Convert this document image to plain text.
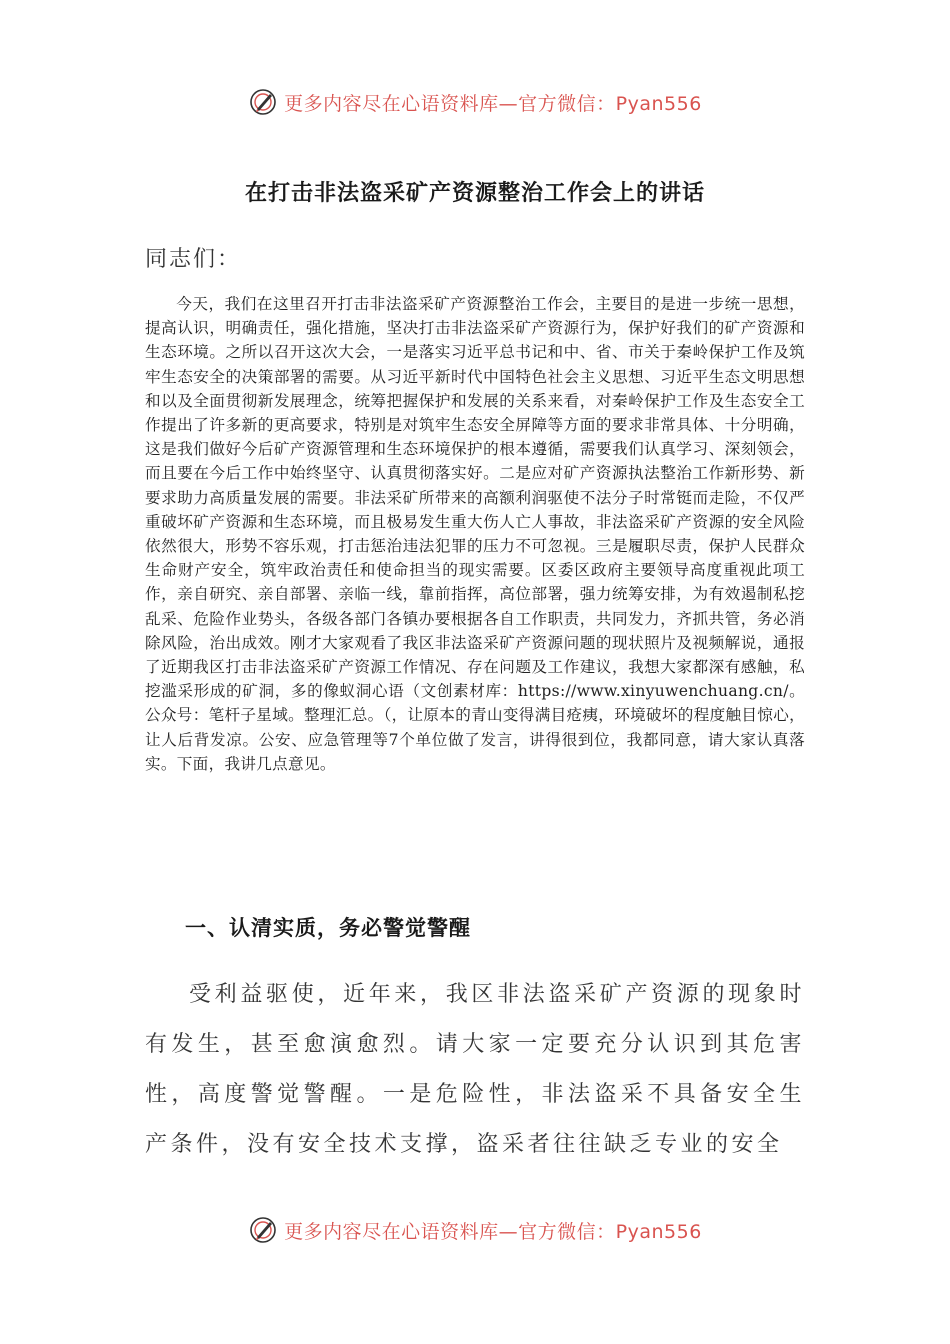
更多内容尽在心语资料库—官方微信：Pyan556
在打击非法盗采矿产资源整治工作会上的讲话
同志们：
今天，我们在这里召开打击非法盗采矿产资源整治工作会，主要目的是进一步统一思想，提高认识，明确责任，强化措施，坚决打击非法盗采矿产资源行为，保护好我们的矿产资源和生态环境。之所以召开这次大会，一是落实习近平总书记和中、省、市关于秦岭保护工作及筑牢生态安全的决策部署的需要。从习近平新时代中国特色社会主义思想、习近平生态文明思想和以及全面贯彻新发展理念，统筹把握保护和发展的关系来看，对秦岭保护工作及生态安全工作提出了许多新的更高要求，特别是对筑牢生态安全屏障等方面的要求非常具体、十分明确，这是我们做好今后矿产资源管理和生态环境保护的根本遵循，需要我们认真学习、深刻领会，而且要在今后工作中始终坚守、认真贯彻落实好。二是应对矿产资源执法整治工作新形势、新要求助力高质量发展的需要。非法采矿所带来的高额利润驱使不法分子时常铤而走险，不仅严重破坏矿产资源和生态环境，而且极易发生重大伤人亡人事故，非法盗采矿产资源的安全风险依然很大，形势不容乐观，打击惩治违法犯罪的压力不可忽视。三是履职尽责，保护人民群众生命财产安全，筑牢政治责任和使命担当的现实需要。区委区政府主要领导高度重视此项工作，亲自研究、亲自部署、亲临一线，靠前指挥，高位部署，强力统筹安排，为有效遏制私挖乱采、危险作业势头，各级各部门各镇办要根据各自工作职责，共同发力，齐抓共管，务必消除风险，治出成效。刚才大家观看了我区非法盗采矿产资源问题的现状照片及视频解说，通报了近期我区打击非法盗采矿产资源工作情况、存在问题及工作建议，我想大家都深有感触，私挖滥采形成的矿洞，多的像蚁洞心语（文创素材库：https://www.xinyuwenchuang.cn/。公众号：笔杆子星域。整理汇总。（，让原本的青山变得满目疮痍，环境破坏的程度触目惊心，让人后背发凉。公安、应急管理等7个单位做了发言，讲得很到位，我都同意，请大家认真落实。下面，我讲几点意见。
一、认清实质，务必警觉警醒
受利益驱使，近年来，我区非法盗采矿产资源的现象时有发生，甚至愈演愈烈。请大家一定要充分认识到其危害性，高度警觉警醒。一是危险性，非法盗采不具备安全生产条件，没有安全技术支撑，盗采者往往缺乏专业的安全
更多内容尽在心语资料库—官方微信：Pyan556
